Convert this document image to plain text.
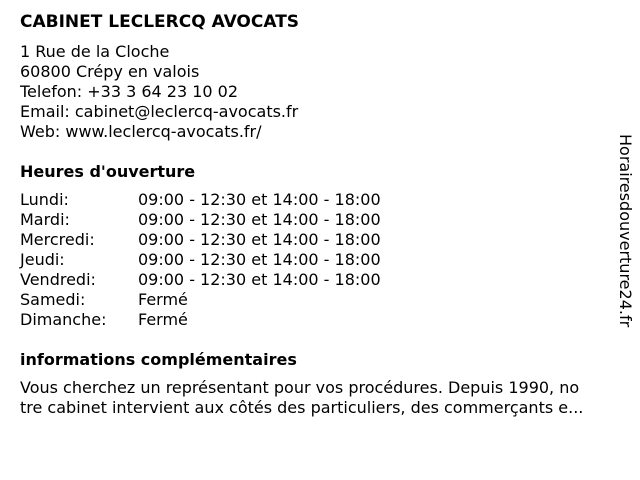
CABINET LECLERCQ AVOCATS
1 Rue de la Cloche
60800 Crépy en valois
Telefon: +33 3 64 23 10 02
Email: cabinet@leclercq-avocats.fr
Web: www.leclercq-avocats.fr/
Heures d'ouverture
Lundi:	09:00 - 12:30 et 14:00 - 18:00
Mardi:	09:00 - 12:30 et 14:00 - 18:00
Mercredi:	09:00 - 12:30 et 14:00 - 18:00
Jeudi:	09:00 - 12:30 et 14:00 - 18:00
Vendredi:	09:00 - 12:30 et 14:00 - 18:00
Samedi:	Fermé
Dimanche:	Fermé
informations complémentaires
Vous cherchez un représentant pour vos procédures. Depuis 1990, no
tre cabinet intervient aux côtés des particuliers, des commerçants e...
Horairesdouverture24.fr
